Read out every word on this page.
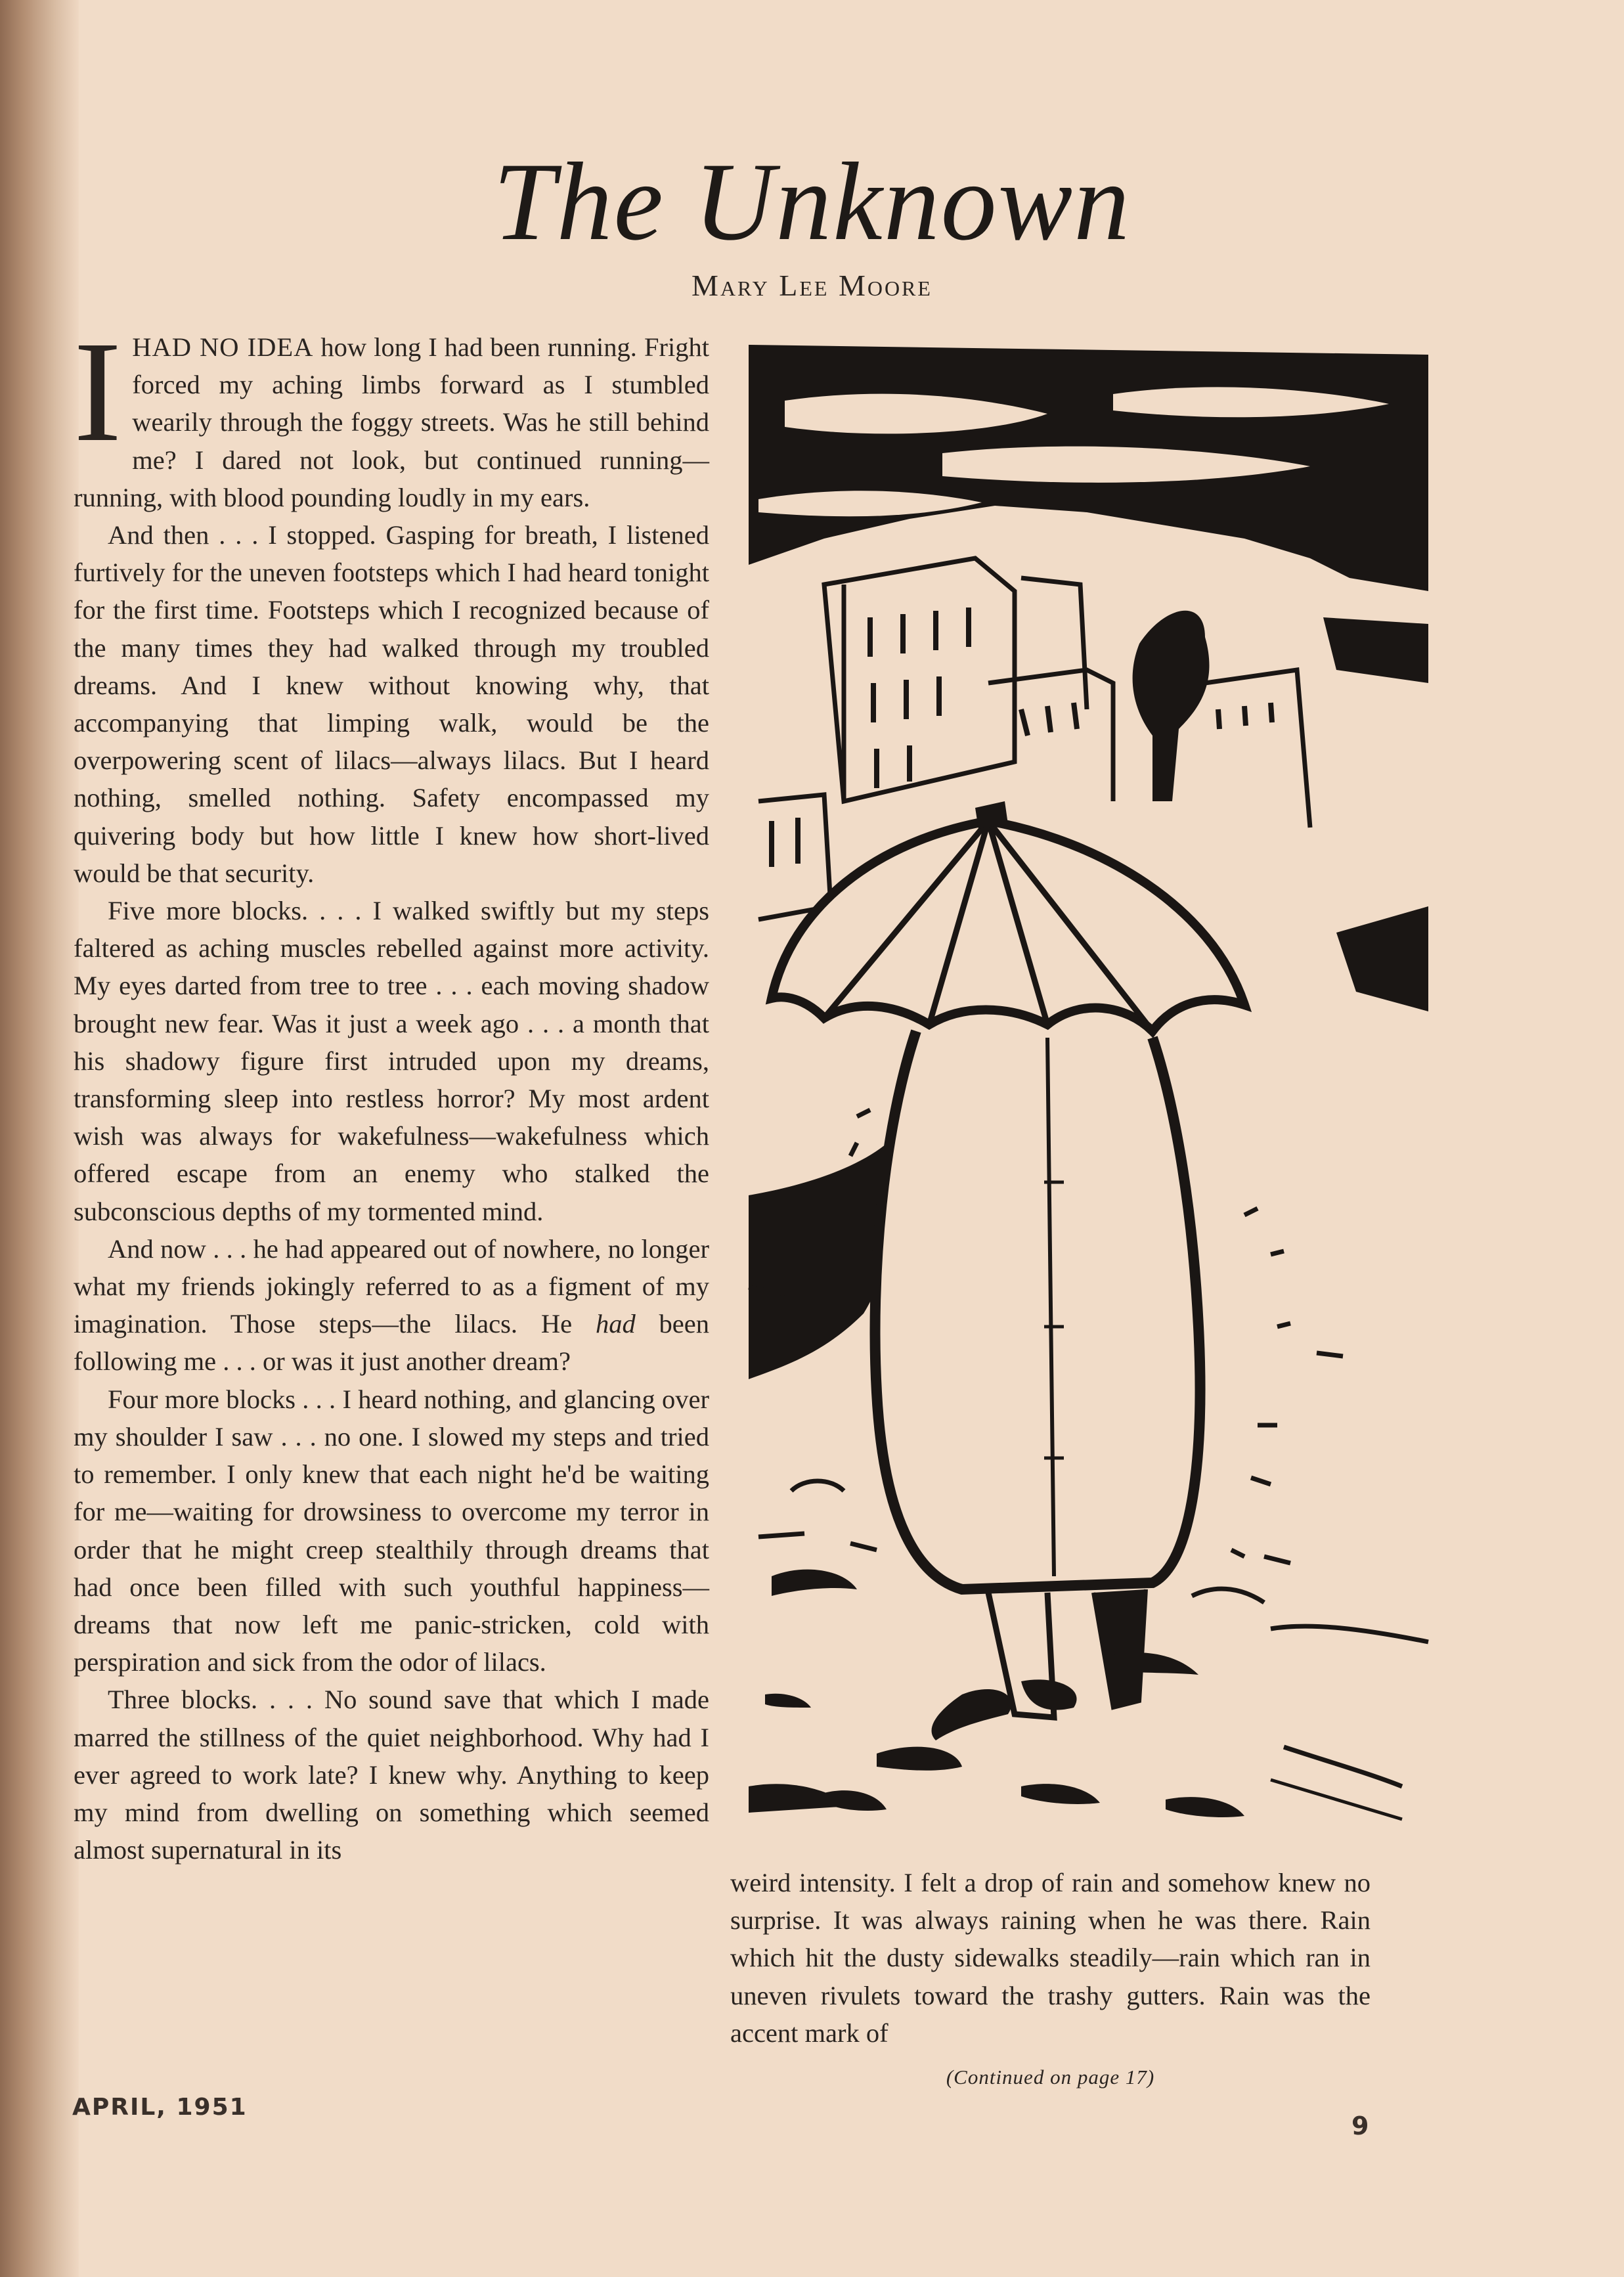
The Unknown
Mary Lee Moore

IHAD NO IDEA how long I had been running. Fright forced my aching limbs forward as I stumbled wearily through the foggy streets. Was he still behind me? I dared not look, but continued running—running, with blood pounding loudly in my ears.

And then . . . I stopped. Gasping for breath, I listened furtively for the uneven footsteps which I had heard tonight for the first time. Footsteps which I recognized because of the many times they had walked through my troubled dreams. And I knew without knowing why, that accompanying that limping walk, would be the overpowering scent of lilacs—always lilacs. But I heard nothing, smelled nothing. Safety encompassed my quivering body but how little I knew how short-lived would be that security.

Five more blocks. . . . I walked swiftly but my steps faltered as aching muscles rebelled against more activity. My eyes darted from tree to tree . . . each moving shadow brought new fear. Was it just a week ago . . . a month that his shadowy figure first intruded upon my dreams, transforming sleep into restless horror? My most ardent wish was always for wakefulness—wakefulness which offered escape from an enemy who stalked the subconscious depths of my tormented mind.

And now . . . he had appeared out of nowhere, no longer what my friends jokingly referred to as a figment of my imagination. Those steps—the lilacs. He had been following me . . . or was it just another dream?

Four more blocks . . . I heard nothing, and glancing over my shoulder I saw . . . no one. I slowed my steps and tried to remember. I only knew that each night he'd be waiting for me—waiting for drowsiness to overcome my terror in order that he might creep stealthily through dreams that had once been filled with such youthful happiness—dreams that now left me panic-stricken, cold with perspiration and sick from the odor of lilacs.

Three blocks. . . . No sound save that which I made marred the stillness of the quiet neighborhood. Why had I ever agreed to work late? I knew why. Anything to keep my mind from dwelling on something which seemed almost supernatural in its

weird intensity. I felt a drop of rain and somehow knew no surprise. It was always raining when he was there. Rain which hit the dusty sidewalks steadily—rain which ran in uneven rivulets toward the trashy gutters. Rain was the accent mark of

(Continued on page 17)
APRIL, 1951
9
